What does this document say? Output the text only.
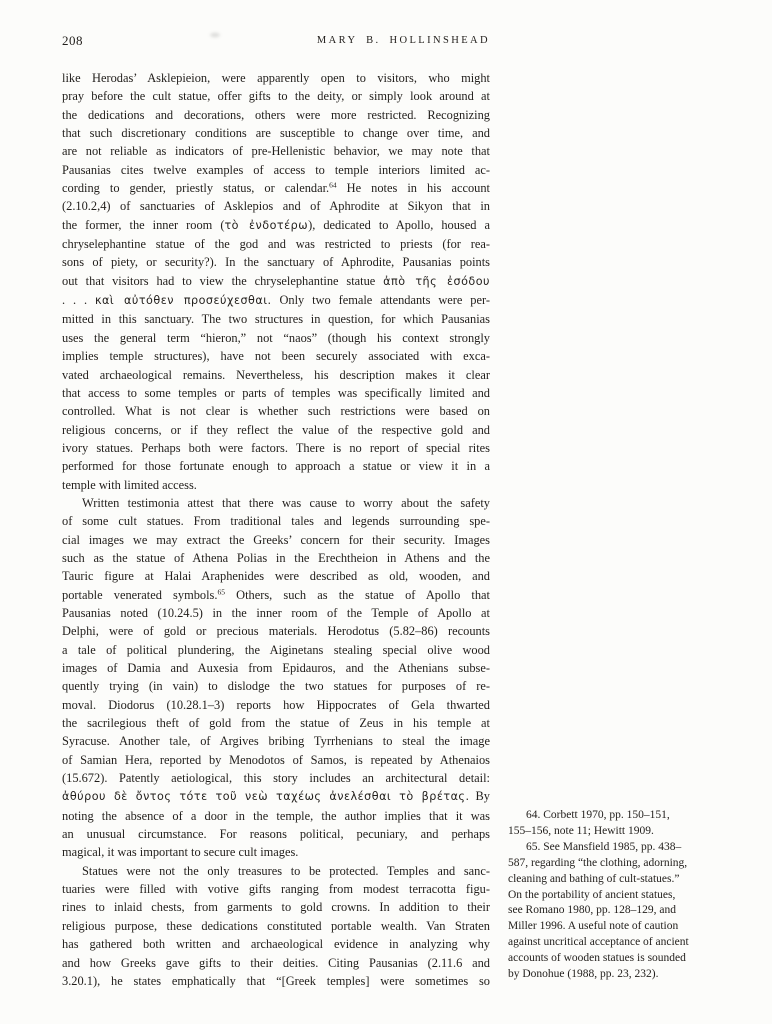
208	MARY B. HOLLINSHEAD
like Herodas’ Asklepieion, were apparently open to visitors, who might
pray before the cult statue, offer gifts to the deity, or simply look around at
the dedications and decorations, others were more restricted. Recognizing
that such discretionary conditions are susceptible to change over time, and
are not reliable as indicators of pre-Hellenistic behavior, we may note that
Pausanias cites twelve examples of access to temple interiors limited ac-
cording to gender, priestly status, or calendar.$^{64}$ He notes in his account
(2.10.2,4) of sanctuaries of Asklepios and of Aphrodite at Sikyon that in
the former, the inner room (τὸ ἐνδοτέρω), dedicated to Apollo, housed a
chryselephantine statue of the god and was restricted to priests (for rea-
sons of piety, or security?). In the sanctuary of Aphrodite, Pausanias points
out that visitors had to view the chryselephantine statue ἀπὸ τῆς ἐσόδου
. . . καὶ αὐτόθεν προσεύχεσθαι. Only two female attendants were per-
mitted in this sanctuary. The two structures in question, for which Pausanias
uses the general term “hieron,” not “naos” (though his context strongly
implies temple structures), have not been securely associated with exca-
vated archaeological remains. Nevertheless, his description makes it clear
that access to some temples or parts of temples was specifically limited and
controlled. What is not clear is whether such restrictions were based on
religious concerns, or if they reflect the value of the respective gold and
ivory statues. Perhaps both were factors. There is no report of special rites
performed for those fortunate enough to approach a statue or view it in a
temple with limited access.
Written testimonia attest that there was cause to worry about the safety
of some cult statues. From traditional tales and legends surrounding spe-
cial images we may extract the Greeks’ concern for their security. Images
such as the statue of Athena Polias in the Erechtheion in Athens and the
Tauric figure at Halai Araphenides were described as old, wooden, and
portable venerated symbols.$^{65}$ Others, such as the statue of Apollo that
Pausanias noted (10.24.5) in the inner room of the Temple of Apollo at
Delphi, were of gold or precious materials. Herodotus (5.82–86) recounts
a tale of political plundering, the Aiginetans stealing special olive wood
images of Damia and Auxesia from Epidauros, and the Athenians subse-
quently trying (in vain) to dislodge the two statues for purposes of re-
moval. Diodorus (10.28.1–3) reports how Hippocrates of Gela thwarted
the sacrilegious theft of gold from the statue of Zeus in his temple at
Syracuse. Another tale, of Argives bribing Tyrrhenians to steal the image
of Samian Hera, reported by Menodotos of Samos, is repeated by Athenaios
(15.672). Patently aetiological, this story includes an architectural detail:
ἀθύρου δὲ ὄντος τότε τοῦ νεὼ ταχέως ἀνελέσθαι τὸ βρέτας. By
noting the absence of a door in the temple, the author implies that it was
an unusual circumstance. For reasons political, pecuniary, and perhaps
magical, it was important to secure cult images.
Statues were not the only treasures to be protected. Temples and sanc-
tuaries were filled with votive gifts ranging from modest terracotta figu-
rines to inlaid chests, from garments to gold crowns. In addition to their
religious purpose, these dedications constituted portable wealth. Van Straten
has gathered both written and archaeological evidence in analyzing why
and how Greeks gave gifts to their deities. Citing Pausanias (2.11.6 and
3.20.1), he states emphatically that “[Greek temples] were sometimes so
64. Corbett 1970, pp. 150–151,
155–156, note 11; Hewitt 1909.
65. See Mansfield 1985, pp. 438–
587, regarding “the clothing, adorning,
cleaning and bathing of cult-statues.”
On the portability of ancient statues,
see Romano 1980, pp. 128–129, and
Miller 1996. A useful note of caution
against uncritical acceptance of ancient
accounts of wooden statues is sounded
by Donohue (1988, pp. 23, 232).
